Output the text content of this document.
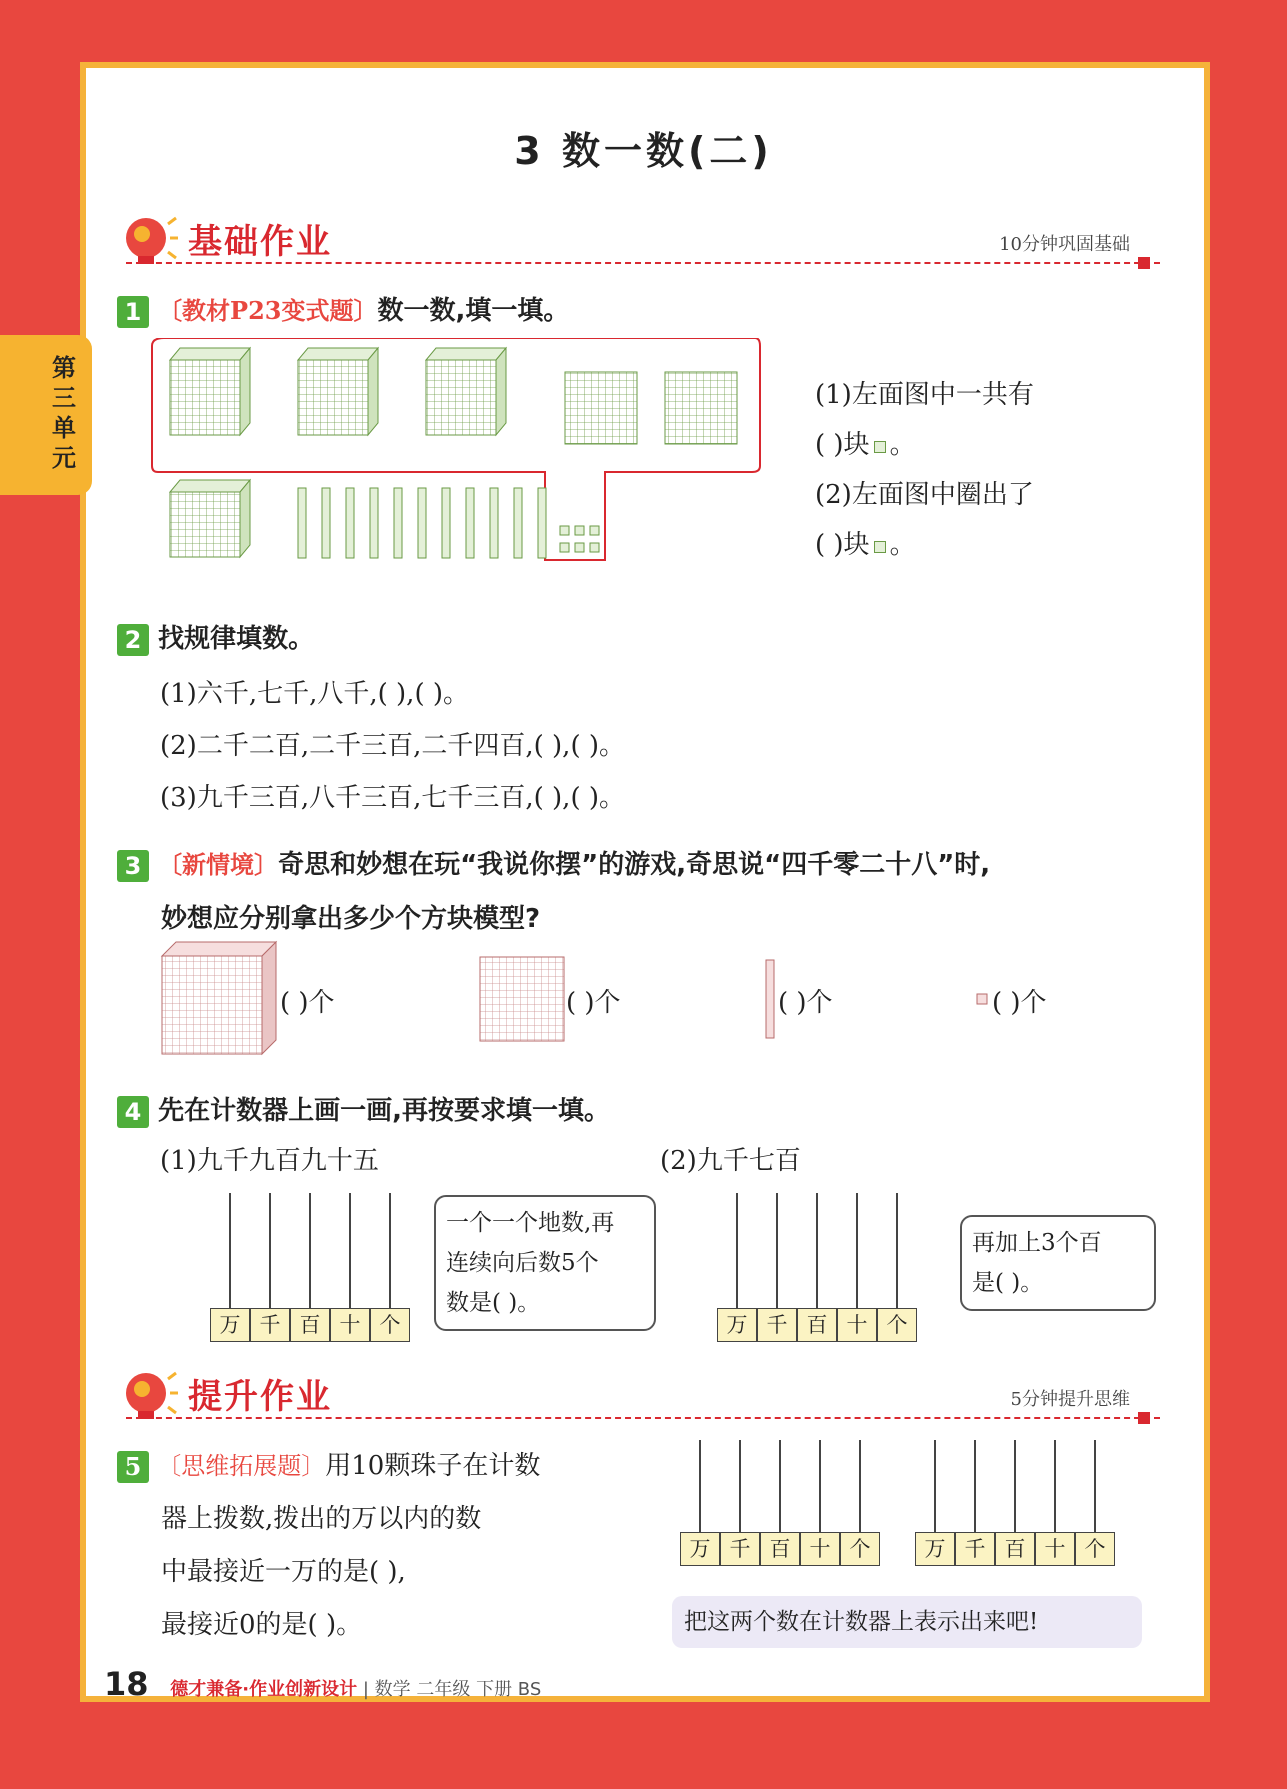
第三单元
3 数一数(二)
基础作业	10分钟巩固基础
1 〔教材P23变式题〕数一数,填一填。
(1)左面图中一共有
( )块 。
(2)左面图中圈出了
( )块 。
2 找规律填数。
(1)六千,七千,八千,( ),( )。
(2)二千二百,二千三百,二千四百,( ),( )。
(3)九千三百,八千三百,七千三百,( ),( )。
3 〔新情境〕奇思和妙想在玩“我说你摆”的游戏,奇思说“四千零二十八”时,
妙想应分别拿出多少个方块模型?
( )个	( )个	( )个	( )个
4 先在计数器上画一画,再按要求填一填。
(1)九千九百九十五	(2)九千七百
万 千 百 十 个
一个一个地数,再
连续向后数5个
数是( )。
万 千 百 十 个
再加上3个百
是( )。
提升作业	5分钟提升思维
5 〔思维拓展题〕用10颗珠子在计数
器上拨数,拨出的万以内的数
中最接近一万的是( ),
最接近0的是( )。
万 千 百 十 个	万 千 百 十 个
把这两个数在计数器上表示出来吧!
18 德才兼备·作业创新设计 | 数学 二年级 下册 BS
